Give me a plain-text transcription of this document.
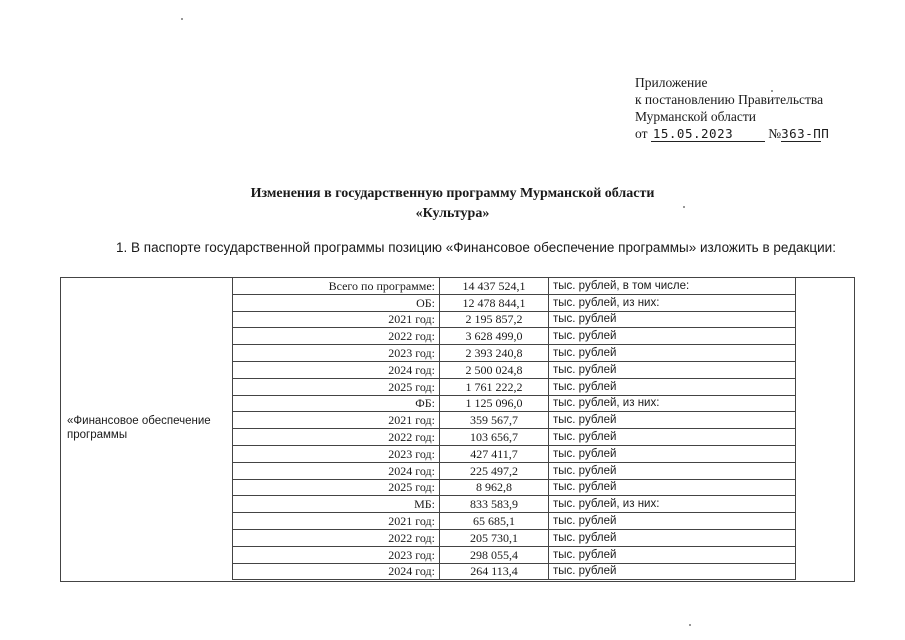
Приложение
к постановлению Правительства
Мурманской области
от 15.05.2023	№363-ПП
Изменения в государственную программу Мурманской области
«Культура»
1. В паспорте государственной программы позицию «Финансовое обеспечение программы» изложить в редакции:
«Финансовое обеспечение программы
Всего по программе:	14 437 524,1	тыс. рублей, в том числе:
ОБ:	12 478 844,1	тыс. рублей, из них:
2021 год:	2 195 857,2	тыс. рублей
2022 год:	3 628 499,0	тыс. рублей
2023 год:	2 393 240,8	тыс. рублей
2024 год:	2 500 024,8	тыс. рублей
2025 год:	1 761 222,2	тыс. рублей
ФБ:	1 125 096,0	тыс. рублей, из них:
2021 год:	359 567,7	тыс. рублей
2022 год:	103 656,7	тыс. рублей
2023 год:	427 411,7	тыс. рублей
2024 год:	225 497,2	тыс. рублей
2025 год:	8 962,8	тыс. рублей
МБ:	833 583,9	тыс. рублей, из них:
2021 год:	65 685,1	тыс. рублей
2022 год:	205 730,1	тыс. рублей
2023 год:	298 055,4	тыс. рублей
2024 год:	264 113,4	тыс. рублей
